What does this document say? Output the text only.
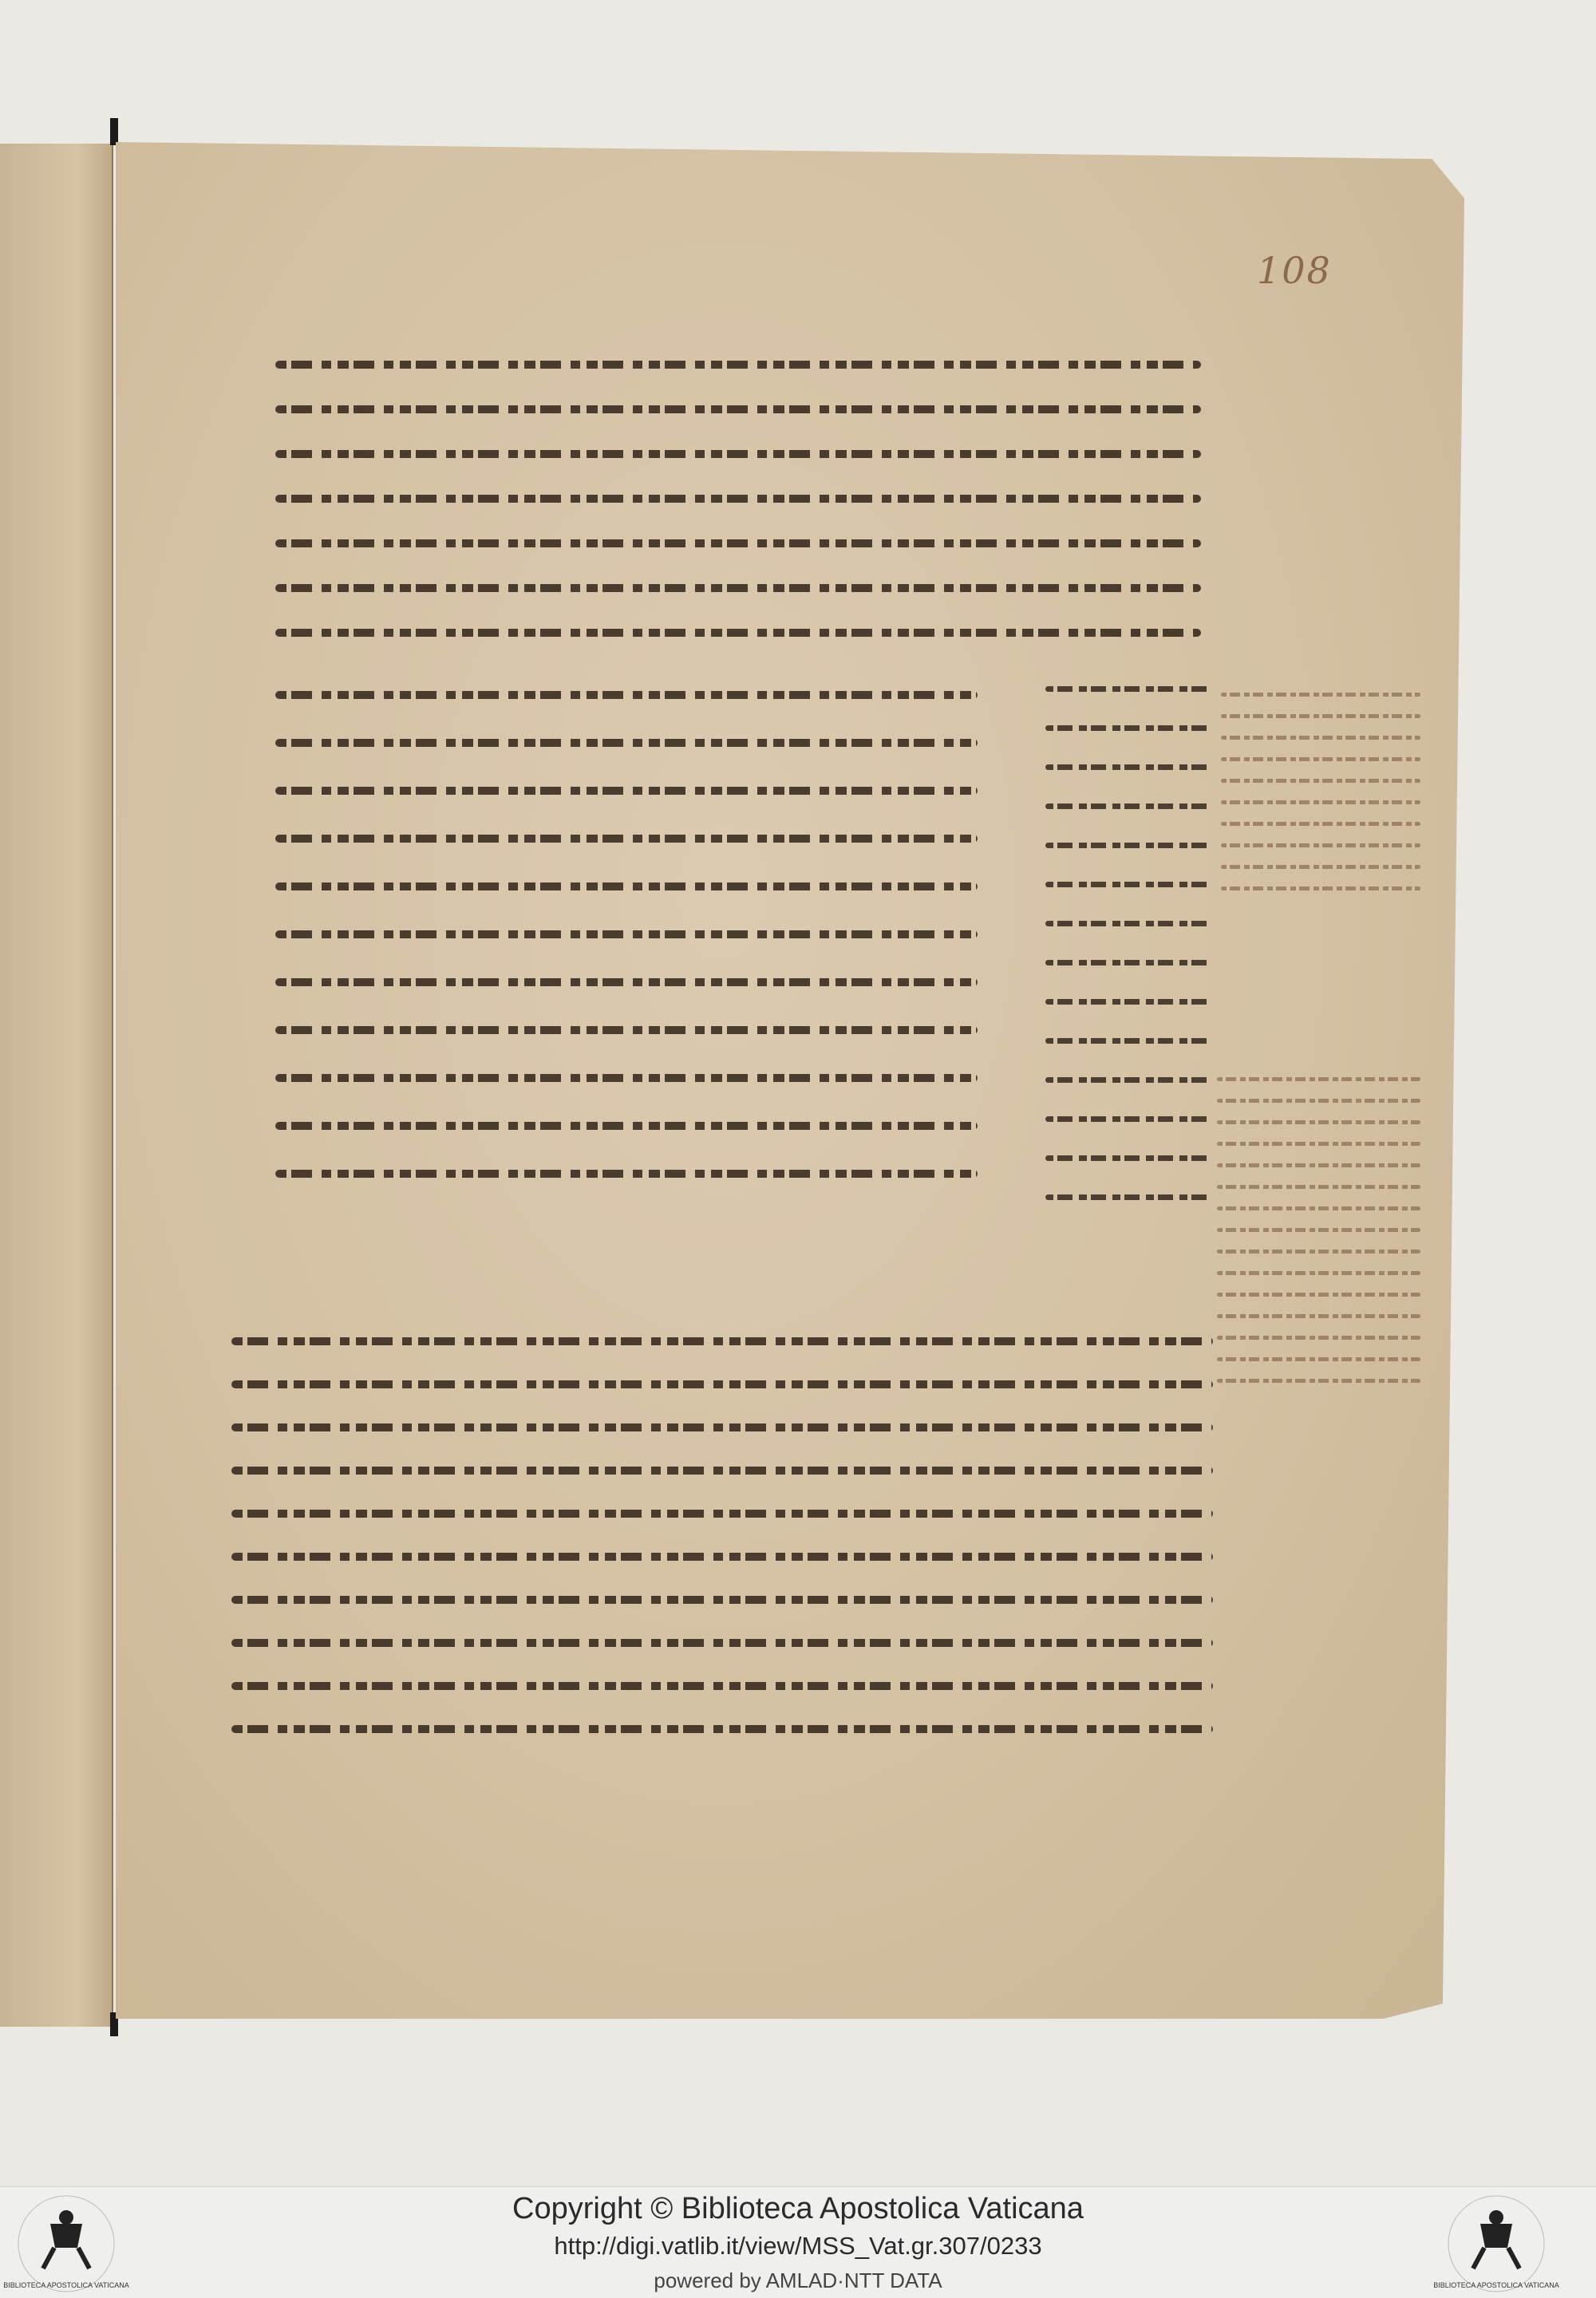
108
BIBLIOTECA APOSTOLICA VATICANA
Copyright © Biblioteca Apostolica Vaticana
http://digi.vatlib.it/view/MSS_Vat.gr.307/0233
powered by AMLAD·NTT DATA	BIBLIOTECA APOSTOLICA VATICANA
